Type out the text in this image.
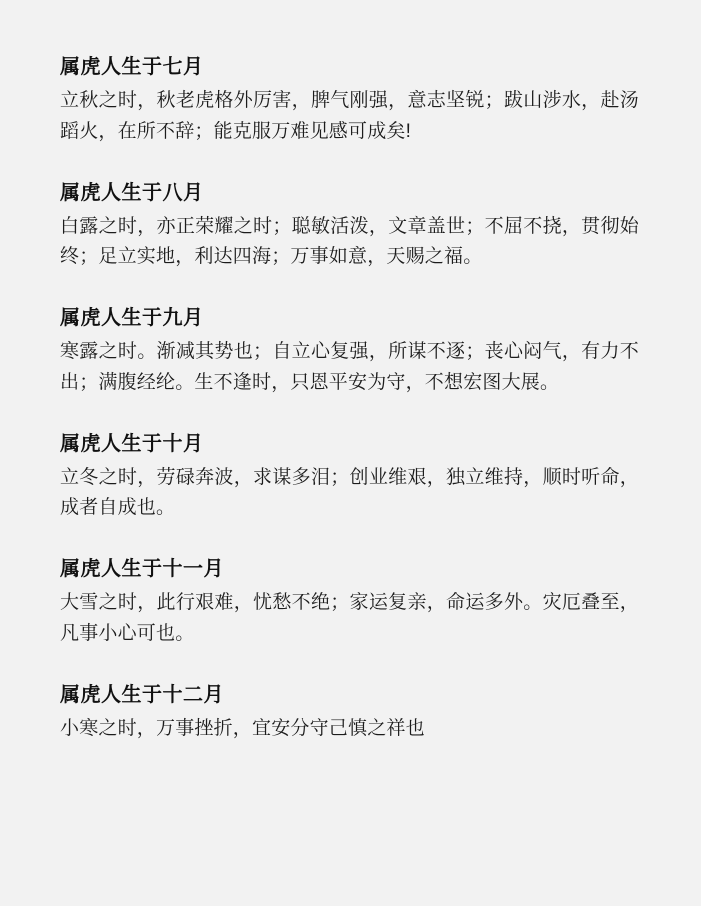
属虎人生于七月

立秋之时，秋老虎格外厉害，脾气刚强，意志坚锐；跋山涉水，赴汤蹈火，在所不辞；能克服万难见感可成矣!

属虎人生于八月

白露之时，亦正荣耀之时；聪敏活泼，文章盖世；不屈不挠，贯彻始终；足立实地，利达四海；万事如意，天赐之福。

属虎人生于九月

寒露之时。渐减其势也；自立心复强，所谋不逐；丧心闷气，有力不出；满腹经纶。生不逢时，只恩平安为守，不想宏图大展。

属虎人生于十月

立冬之时，劳碌奔波，求谋多泪；创业维艰，独立维持，顺时听命，成者自成也。

属虎人生于十一月

大雪之时，此行艰难，忧愁不绝；家运复亲，命运多外。灾厄叠至，凡事小心可也。

属虎人生于十二月

小寒之时，万事挫折，宜安分守己慎之祥也
